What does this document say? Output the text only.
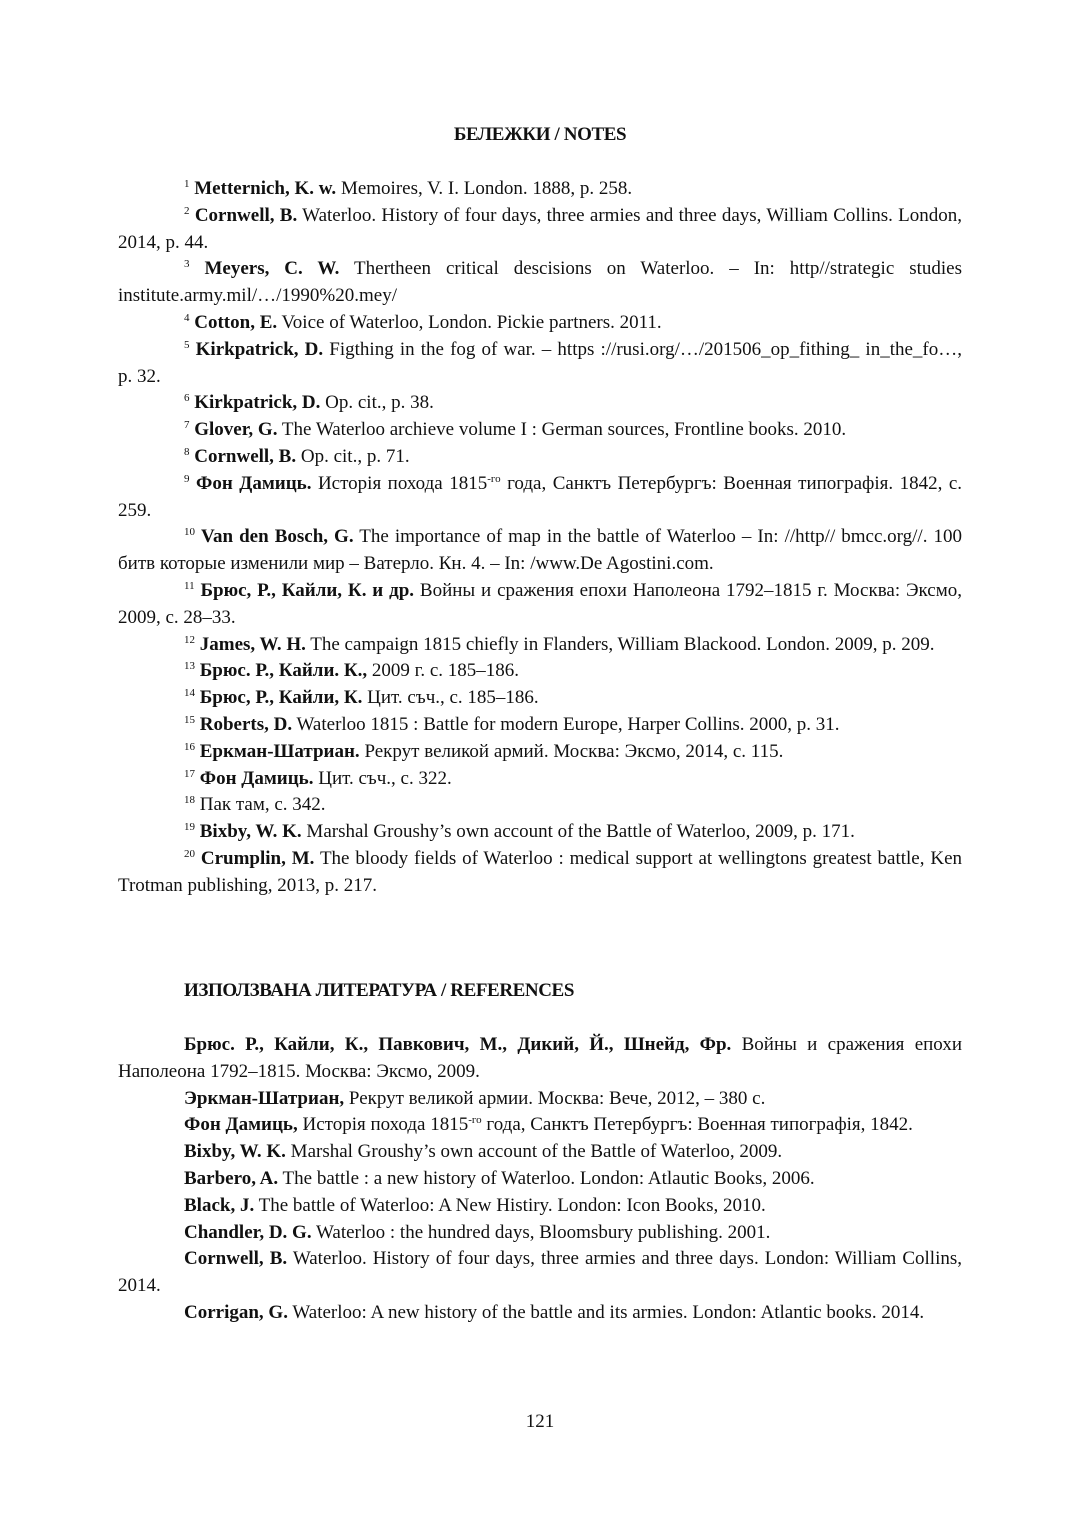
БЕЛЕЖКИ / NOTES

$^1$ Metternich, K. w. Memoires, V. I. London. 1888, p. 258.

$^2$ Cornwell, B. Waterloo. History of four days, three armies and three days, William Collins. London, 2014, p. 44.

$^3$ Meyers, C. W. Thertheen critical descisions on Waterloo. – In: http//strategic studies institute.army.mil/…/1990%20.mey/

$^4$ Cotton, E. Voice of Waterloo, London. Pickie partners. 2011.

$^5$ Kirkpatrick, D. Figthing in the fog of war. – https ://rusi.org/…/201506_op_fithing_ in_the_fo…, p. 32.

$^6$ Kirkpatrick, D. Op. cit., p. 38.

$^7$ Glover, G. The Waterloo archieve volume I : German sources, Frontline books. 2010.

$^8$ Cornwell, B. Op. cit., p. 71.

$^9$ Фон Дамиць. Исторія похода $1815^{-го}$ года, Санктъ Петербургъ: Военная типографія. 1842, с. 259.

$^{10}$ Van den Bosch, G. The importance of map in the battle of Waterloo – In: //http// bmcc.org//. 100 битв которые изменили мир – Ватерло. Кн. 4. – In: /www.De Agostini.com.

$^{11}$ Брюс, Р., Кайли, К. и др. Войны и сражения епохи Наполеона 1792–1815 г. Москва: Эксмо, 2009, с. 28–33.

$^{12}$ James, W. H. The campaign 1815 chiefly in Flanders, William Blackood. London. 2009, p. 209.

$^{13}$ Брюс. Р., Кайли. К., 2009 г. с. 185–186.

$^{14}$ Брюс, Р., Кайли, К. Цит. съч., с. 185–186.

$^{15}$ Roberts, D. Waterloo 1815 : Battle for modern Europe, Harper Collins. 2000, p. 31.

$^{16}$ Еркман-Шатриан. Рекрут великой армий. Москва: Эксмо, 2014, с. 115.

$^{17}$ Фон Дамиць. Цит. съч., с. 322.

$^{18}$ Пак там, с. 342.

$^{19}$ Bixby, W. K. Marshal Groushy’s own account of the Battle of Waterloo, 2009, p. 171.

$^{20}$ Crumplin, M. The bloody fields of Waterloo : medical support at wellingtons greatest battle, Ken Trotman publishing, 2013, p. 217.

ИЗПОЛЗВАНА ЛИТЕРАТУРА / REFERENCES

Брюс. Р., Кайли, К., Павкович, М., Дикий, Й., Шнейд, Фр. Войны и сражения епохи Наполеона 1792–1815. Москва: Эксмо, 2009.

Эркман-Шатриан, Рекрут великой армии. Москва: Вече, 2012, – 380 с.

Фон Дамиць, Исторія похода $1815^{-го}$ года, Санктъ Петербургъ: Военная типографія, 1842.

Bixby, W. K. Marshal Groushy’s own account of the Battle of Waterloo, 2009.

Barbero, A. The battle : a new history of Waterloo. London: Atlautic Books, 2006.

Black, J. The battle of Waterloo: A New Histiry. London: Icon Books, 2010.

Chandler, D. G. Waterloo : the hundred days, Bloomsbury publishing. 2001.

Cornwell, B. Waterloo. History of four days, three armies and three days. London: William Collins, 2014.

Corrigan, G. Waterloo: A new history of the battle and its armies. London: Atlantic books. 2014.

121
